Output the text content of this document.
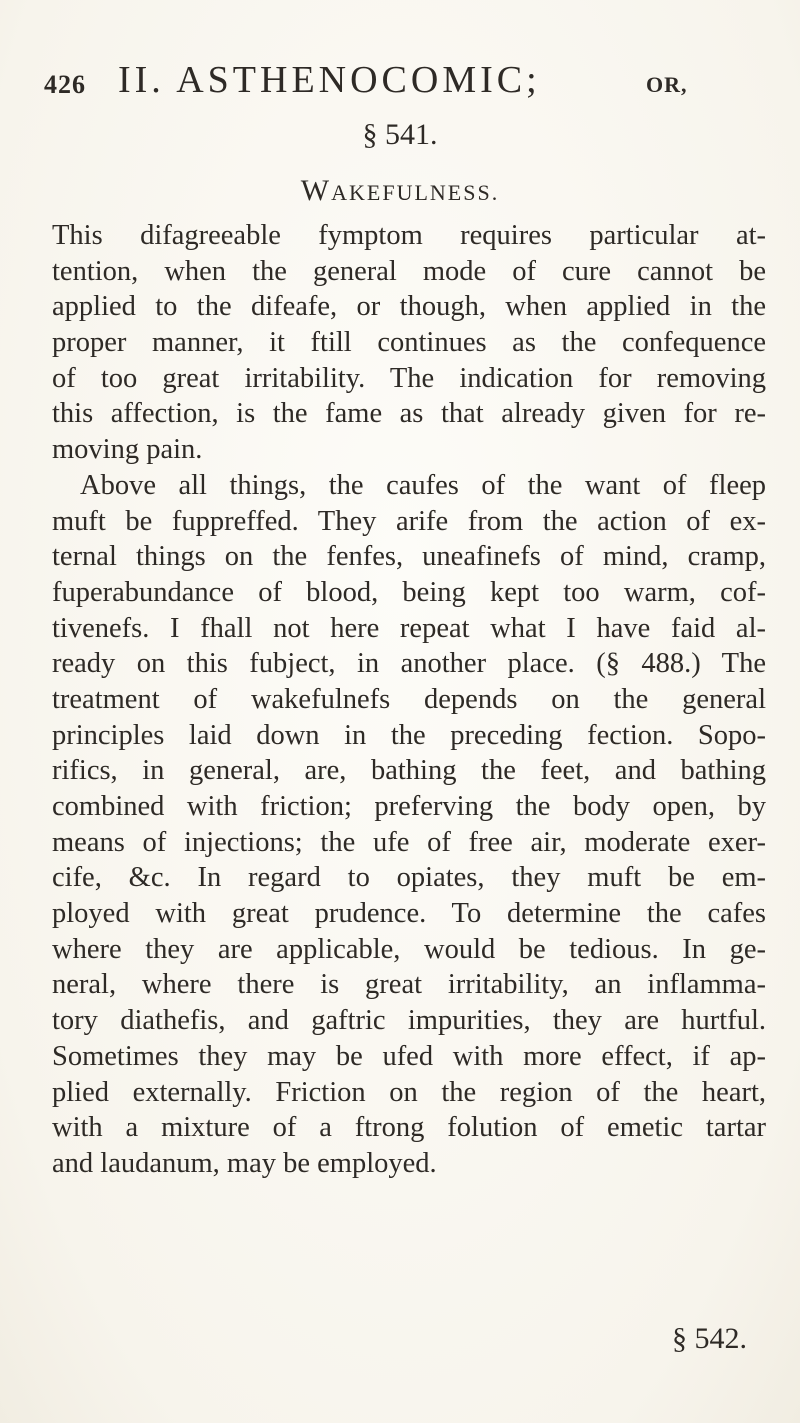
426 II. ASTHENOCOMIC;	OR,
§ 541.
WAKEFULNESS.
This difagreeable fymptom requires particular at-
tention, when the general mode of cure cannot be
applied to the difeafe, or though, when applied in the
proper manner, it ftill continues as the confequence
of too great irritability. The indication for removing
this affection, is the fame as that already given for re-
moving pain.
Above all things, the caufes of the want of fleep
muft be fuppreffed. They arife from the action of ex-
ternal things on the fenfes, uneafinefs of mind, cramp,
fuperabundance of blood, being kept too warm, cof-
tivenefs. I fhall not here repeat what I have faid al-
ready on this fubject, in another place. (§ 488.) The
treatment of wakefulnefs depends on the general
principles laid down in the preceding fection. Sopo-
rifics, in general, are, bathing the feet, and bathing
combined with friction; preferving the body open, by
means of injections; the ufe of free air, moderate exer-
cife, &c. In regard to opiates, they muft be em-
ployed with great prudence. To determine the cafes
where they are applicable, would be tedious. In ge-
neral, where there is great irritability, an inflamma-
tory diathefis, and gaftric impurities, they are hurtful.
Sometimes they may be ufed with more effect, if ap-
plied externally. Friction on the region of the heart,
with a mixture of a ftrong folution of emetic tartar
and laudanum, may be employed.
§ 542.
